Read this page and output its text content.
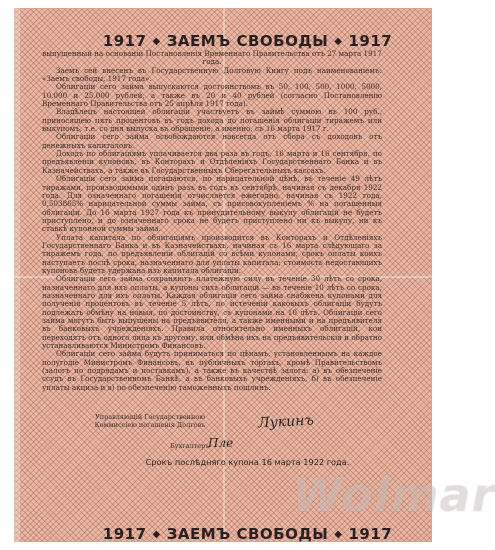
1917 ◆ ЗАЕМЪ СВОБОДЫ ◆ 1917

выпущенный на основаніи Постановленія Временнаго Правительства отъ 27 марта 1917 года.

Заемъ сей внесенъ въ Государственную Долговую Книгу подъ наименованіемъ: «Заемъ свободы, 1917 года».

Облигаціи сего займа выпускаются достоинствомъ въ 50, 100, 500, 1000, 5000, 10.000 и 25.000 рублей, а также въ 20 и 40 рублей (согласно Постановленію Временнаго Правительства отъ 25 апрѣля 1917 года).

Владѣлецъ настоящей облигаціи участвуетъ въ займѣ суммою въ 100 руб., приносящею пять процентовъ въ годъ дохода до погашенія облигаціи тиражемъ или выкупомъ, т.е. со дня выпуска въ обращеніе, а именно, съ 16 марта 1917 г.

Облигаціи сего займа освобождаются навсегда отъ сбора съ доходовъ отъ денежныхъ капиталовъ.

Доходъ по облигаціямъ уплачивается два раза въ годъ, 16 марта и 16 сентября, по предъявленіи купоновъ, въ Конторахъ и Отдѣленіяхъ Государственнаго Банка и въ Казначействахъ, а также въ Государственныхъ Сберегательныхъ кассахъ.

Облигаціи сего займа погашаются, по нарицательной цѣнѣ, въ теченіе 49 лѣтъ тиражами, производимыми одинъ разъ въ годъ въ сентябрѣ, начиная съ декабря 1922 года. Для означеннаго погашенія отчисляется ежегодно, начиная съ 1922 года, 0,503865% нарицательной суммы займа, съ присовокупленіемъ % на погашенныя облигаціи. До 16 марта 1927 года къ принудительному выкупу облигацій не будетъ приступлено, и до означеннаго срока не будетъ приступлено ни къ выкупу, ни къ ставкѣ купонной суммы займа.

Уплата капитала по облигаціямъ производится въ Конторахъ и Отдѣленіяхъ Государственнаго Банка и въ Казначействахъ, начиная съ 16 марта слѣдующаго за тиражемъ года, по предъявленіи облигацій со всѣми купонами, срокъ оплаты коихъ наступаетъ послѣ срока, назначеннаго для уплаты капитала; стоимость недостающихъ купоновъ будетъ удержана изъ капитала облигаціи.

Облигаціи сего займа сохраняютъ платежную силу въ теченіе 30 лѣтъ со срока, назначеннаго для ихъ оплаты, а купоны сихъ облигацій — въ теченіе 10 лѣтъ со срока, назначеннаго для ихъ оплаты. Каждая облигація сего займа снабжена купонами для полученія процентовъ въ теченіе 5 лѣтъ, по истеченіи каковыхъ облигаціи будутъ подлежать обмѣну на новыя, по достоинству, съ купонами на 10 лѣтъ. Облигаціи сего займа могутъ быть выпущены на предъявителя, а также именными и на предъявителя въ банковыхъ учрежденіяхъ. Правила относительно именныхъ облигацій, кои переходятъ отъ одного лица къ другому, или обмѣна ихъ на предъявительскія и обратно устанавливаются Министромъ Финансовъ.

Облигаціи сего займа будутъ приниматься по цѣнамъ, установленнымъ на каждое полугодіе Министромъ Финансовъ, въ публичныхъ торгахъ, кромѣ Правительствомъ (залогъ по подрядамъ и поставкамъ), а также въ качествѣ залога: а) въ обезпеченіе ссудъ въ Государственномъ Банкѣ, а въ банковыхъ учрежденіяхъ, б) въ обезпеченіе уплаты акциза и в) по обезпеченію таможенныхъ пошлинъ.

Управляющій Государственною
Коммиссіею погашенія Долговъ	Лукинъ
Бухгалтеръ
Пле
Срокъ послѣдняго купона 16 марта 1922 года.
1917 ◆ ЗАЕМЪ СВОБОДЫ ◆ 1917
Wolmar
